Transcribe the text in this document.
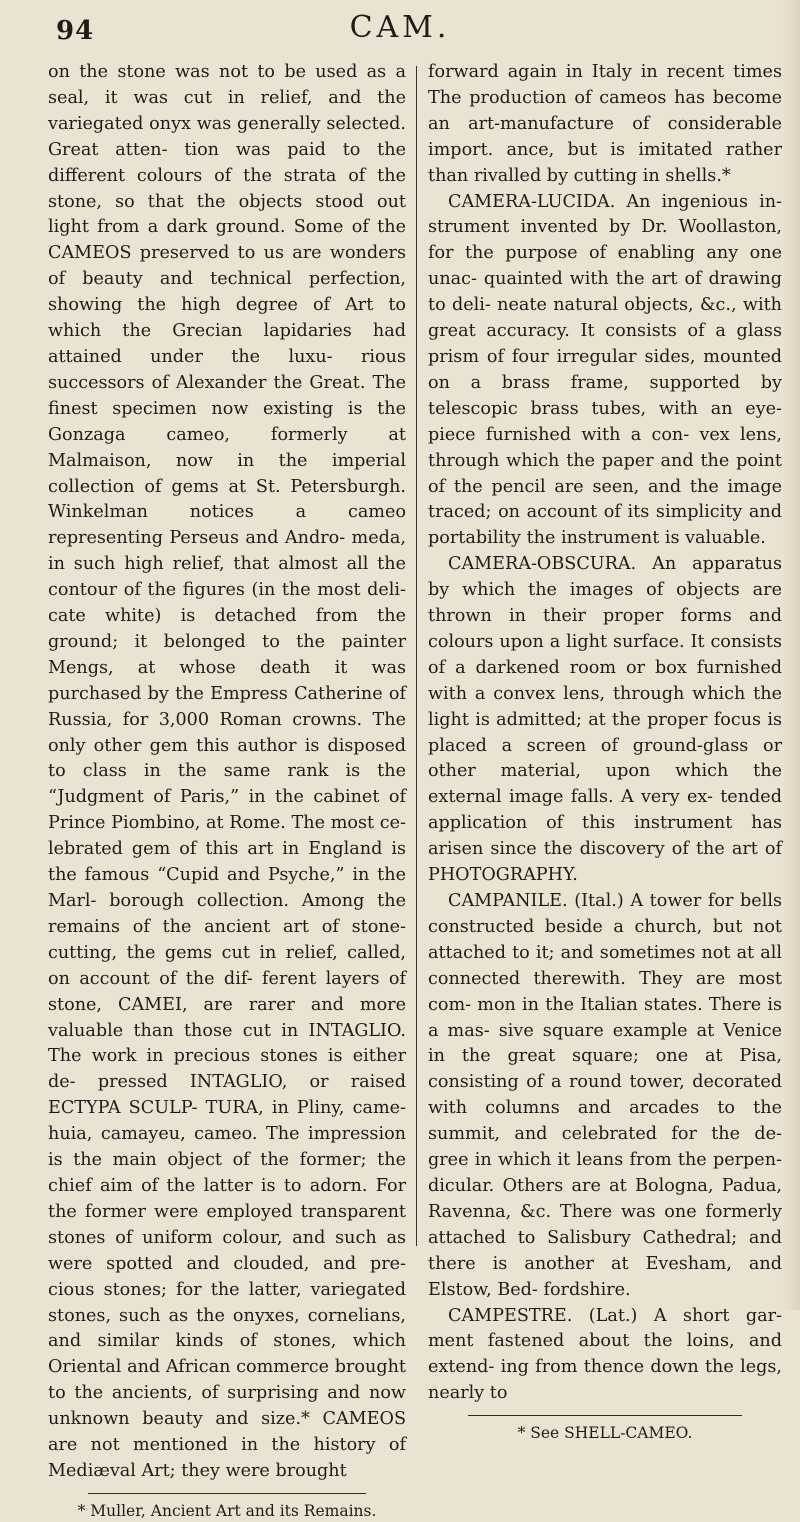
94	CAM.

on the stone was not to be used as a seal, it was cut in relief, and the variegated onyx was generally selected. Great atten- tion was paid to the different colours of the strata of the stone, so that the objects stood out light from a dark ground. Some of the CAMEOS preserved to us are wonders of beauty and technical perfection, showing the high degree of Art to which the Grecian lapidaries had attained under the luxu- rious successors of Alexander the Great. The finest specimen now existing is the Gonzaga cameo, formerly at Malmaison, now in the imperial collection of gems at St. Petersburgh. Winkelman notices a cameo representing Perseus and Andro- meda, in such high relief, that almost all the contour of the figures (in the most deli- cate white) is detached from the ground; it belonged to the painter Mengs, at whose death it was purchased by the Empress Catherine of Russia, for 3,000 Roman crowns. The only other gem this author is disposed to class in the same rank is the “Judgment of Paris,” in the cabinet of Prince Piombino, at Rome. The most ce- lebrated gem of this art in England is the famous “Cupid and Psyche,” in the Marl- borough collection. Among the remains of the ancient art of stone-cutting, the gems cut in relief, called, on account of the dif- ferent layers of stone, CAMEI, are rarer and more valuable than those cut in INTAGLIO. The work in precious stones is either de- pressed INTAGLIO, or raised ECTYPA SCULP- TURA, in Pliny, came-huia, camayeu, cameo. The impression is the main object of the former; the chief aim of the latter is to adorn. For the former were employed transparent stones of uniform colour, and such as were spotted and clouded, and pre- cious stones; for the latter, variegated stones, such as the onyxes, cornelians, and similar kinds of stones, which Oriental and African commerce brought to the ancients, of surprising and now unknown beauty and size.* CAMEOS are not mentioned in the history of Mediæval Art; they were brought

* Muller, Ancient Art and its Remains.

forward again in Italy in recent times The production of cameos has become an art-manufacture of considerable import. ance, but is imitated rather than rivalled by cutting in shells.*

CAMERA-LUCIDA. An ingenious in- strument invented by Dr. Woollaston, for the purpose of enabling any one unac- quainted with the art of drawing to deli- neate natural objects, &c., with great accuracy. It consists of a glass prism of four irregular sides, mounted on a brass frame, supported by telescopic brass tubes, with an eye-piece furnished with a con- vex lens, through which the paper and the point of the pencil are seen, and the image traced; on account of its simplicity and portability the instrument is valuable.

CAMERA-OBSCURA. An apparatus by which the images of objects are thrown in their proper forms and colours upon a light surface. It consists of a darkened room or box furnished with a convex lens, through which the light is admitted; at the proper focus is placed a screen of ground-glass or other material, upon which the external image falls. A very ex- tended application of this instrument has arisen since the discovery of the art of PHOTOGRAPHY.

CAMPANILE. (Ital.) A tower for bells constructed beside a church, but not attached to it; and sometimes not at all connected therewith. They are most com- mon in the Italian states. There is a mas- sive square example at Venice in the great square; one at Pisa, consisting of a round tower, decorated with columns and arcades to the summit, and celebrated for the de- gree in which it leans from the perpen- dicular. Others are at Bologna, Padua, Ravenna, &c. There was one formerly attached to Salisbury Cathedral; and there is another at Evesham, and Elstow, Bed- fordshire.

CAMPESTRE. (Lat.) A short gar- ment fastened about the loins, and extend- ing from thence down the legs, nearly to

* See SHELL-CAMEO.
